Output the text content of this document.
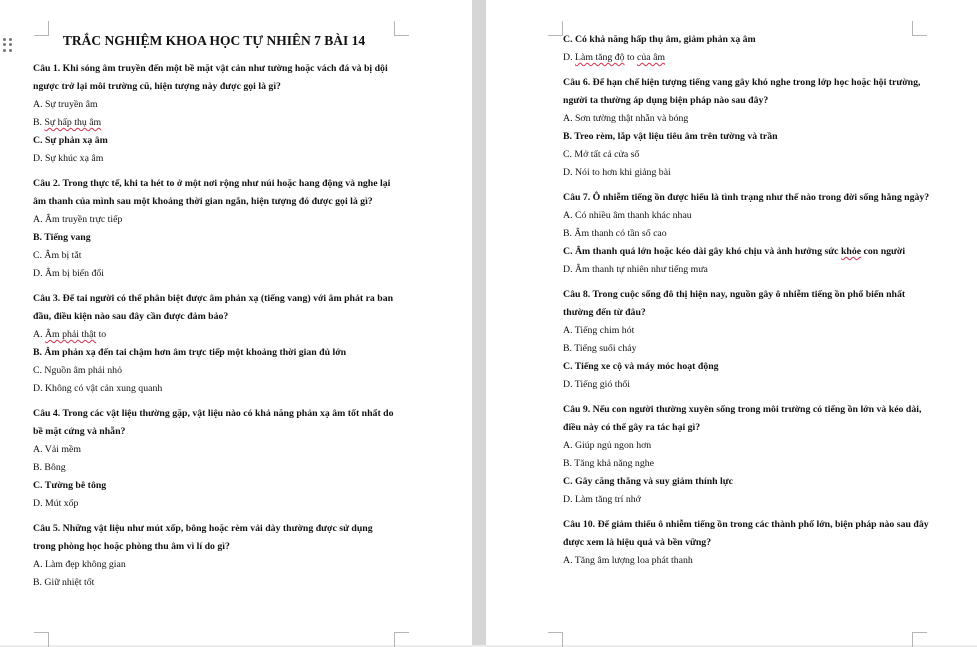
TRẮC NGHIỆM KHOA HỌC TỰ NHIÊN 7 BÀI 14

Câu 1. Khi sóng âm truyền đến một bề mặt vật cản như tường hoặc vách đá và bị dội ngược trở lại môi trường cũ, hiện tượng này được gọi là gì?

A. Sự truyền âm

B. Sự hấp thụ âm

C. Sự phản xạ âm

D. Sự khúc xạ âm

Câu 2. Trong thực tế, khi ta hét to ở một nơi rộng như núi hoặc hang động và nghe lại âm thanh của mình sau một khoảng thời gian ngắn, hiện tượng đó được gọi là gì?

A. Âm truyền trực tiếp

B. Tiếng vang

C. Âm bị tắt

D. Âm bị biến đổi

Câu 3. Để tai người có thể phân biệt được âm phản xạ (tiếng vang) với âm phát ra ban đầu, điều kiện nào sau đây cần được đảm bảo?

A. Âm phải thật to

B. Âm phản xạ đến tai chậm hơn âm trực tiếp một khoảng thời gian đủ lớn

C. Nguồn âm phải nhỏ

D. Không có vật cản xung quanh

Câu 4. Trong các vật liệu thường gặp, vật liệu nào có khả năng phản xạ âm tốt nhất do bề mặt cứng và nhẵn?

A. Vải mềm

B. Bông

C. Tường bê tông

D. Mút xốp

Câu 5. Những vật liệu như mút xốp, bông hoặc rèm vải dày thường được sử dụng trong phòng học hoặc phòng thu âm vì lí do gì?

A. Làm đẹp không gian

B. Giữ nhiệt tốt

C. Có khả năng hấp thụ âm, giảm phản xạ âm

D. Làm tăng độ to của âm

Câu 6. Để hạn chế hiện tượng tiếng vang gây khó nghe trong lớp học hoặc hội trường, người ta thường áp dụng biện pháp nào sau đây?

A. Sơn tường thật nhẵn và bóng

B. Treo rèm, lắp vật liệu tiêu âm trên tường và trần

C. Mở tất cả cửa sổ

D. Nói to hơn khi giảng bài

Câu 7. Ô nhiễm tiếng ồn được hiểu là tình trạng như thế nào trong đời sống hằng ngày?

A. Có nhiều âm thanh khác nhau

B. Âm thanh có tần số cao

C. Âm thanh quá lớn hoặc kéo dài gây khó chịu và ảnh hưởng sức khỏe con người

D. Âm thanh tự nhiên như tiếng mưa

Câu 8. Trong cuộc sống đô thị hiện nay, nguồn gây ô nhiễm tiếng ồn phổ biến nhất thường đến từ đâu?

A. Tiếng chim hót

B. Tiếng suối chảy

C. Tiếng xe cộ và máy móc hoạt động

D. Tiếng gió thổi

Câu 9. Nếu con người thường xuyên sống trong môi trường có tiếng ồn lớn và kéo dài, điều này có thể gây ra tác hại gì?

A. Giúp ngủ ngon hơn

B. Tăng khả năng nghe

C. Gây căng thẳng và suy giảm thính lực

D. Làm tăng trí nhớ

Câu 10. Để giảm thiểu ô nhiễm tiếng ồn trong các thành phố lớn, biện pháp nào sau đây được xem là hiệu quả và bền vững?

A. Tăng âm lượng loa phát thanh
